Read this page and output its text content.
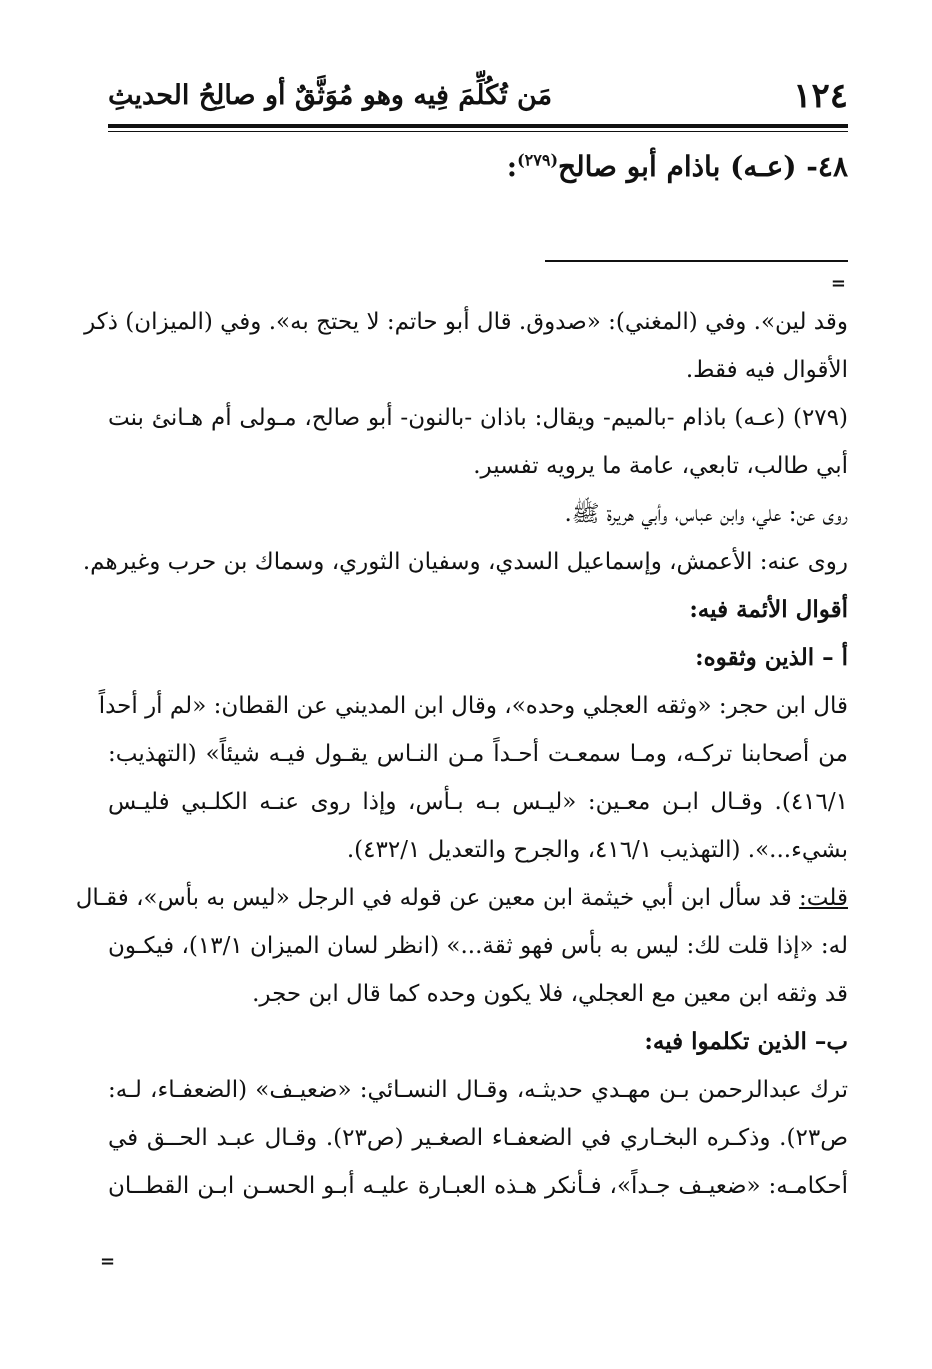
١٢٤
مَن تُكُلِّمَ فِيه وهو مُوَثَّقٌ أو صالِحُ الحديثِ
٤٨- (عـه) باذام أبو صالح$^{(٢٧٩)}$:
=
وقد لين». وفي (المغني): «صدوق. قال أبو حاتم: لا يحتج به». وفي (الميزان) ذكر
الأقوال فيه فقط.
(٢٧٩) (عـه) باذام -بالميم- ويقال: باذان -بالنون- أبو صالح، مـولى أم هـانئ بنت
أبي طالب، تابعي، عامة ما يرويه تفسير.
روى عن: علي، وابن عباس، وأبي هريرة ﷺ.
روى عنه: الأعمش، وإسماعيل السدي، وسفيان الثوري، وسماك بن حرب وغيرهم.
أقوال الأئمة فيه:
أ – الذين وثقوه:
قال ابن حجر: «وثقه العجلي وحده»، وقال ابن المديني عن القطان: «لم أر أحداً
من أصحابنا تركـه، ومـا سمعـت أحـداً مـن النـاس يقـول فيـه شيئاً» (التهذيب:
٤١٦/١). وقـال ابـن معـين: «ليـس بـه بـأس، وإذا روى عنـه الكلـبي فليـس
بشيء...». (التهذيب ٤١٦/١، والجرح والتعديل ٤٣٢/١).
قلت: قد سأل ابن أبي خيثمة ابن معين عن قوله في الرجل «ليس به بأس»، فقـال
له: «إذا قلت لك: ليس به بأس فهو ثقة...» (انظر لسان الميزان ١٣/١)، فيكـون
قد وثقه ابن معين مع العجلي، فلا يكون وحده كما قال ابن حجر.
ب– الذين تكلموا فيه:
ترك عبدالرحمن بـن مهـدي حديثـه، وقـال النسـائي: «ضعيـف» (الضعفـاء، لـه:
ص٢٣). وذكـره البخـاري في الضعفـاء الصغـير (ص٢٣). وقـال عبـد الحــق في
أحكامـه: «ضعيـف جـداً»، فـأنكر هـذه العبـارة عليـه أبـو الحسـن ابـن القطــان
=
